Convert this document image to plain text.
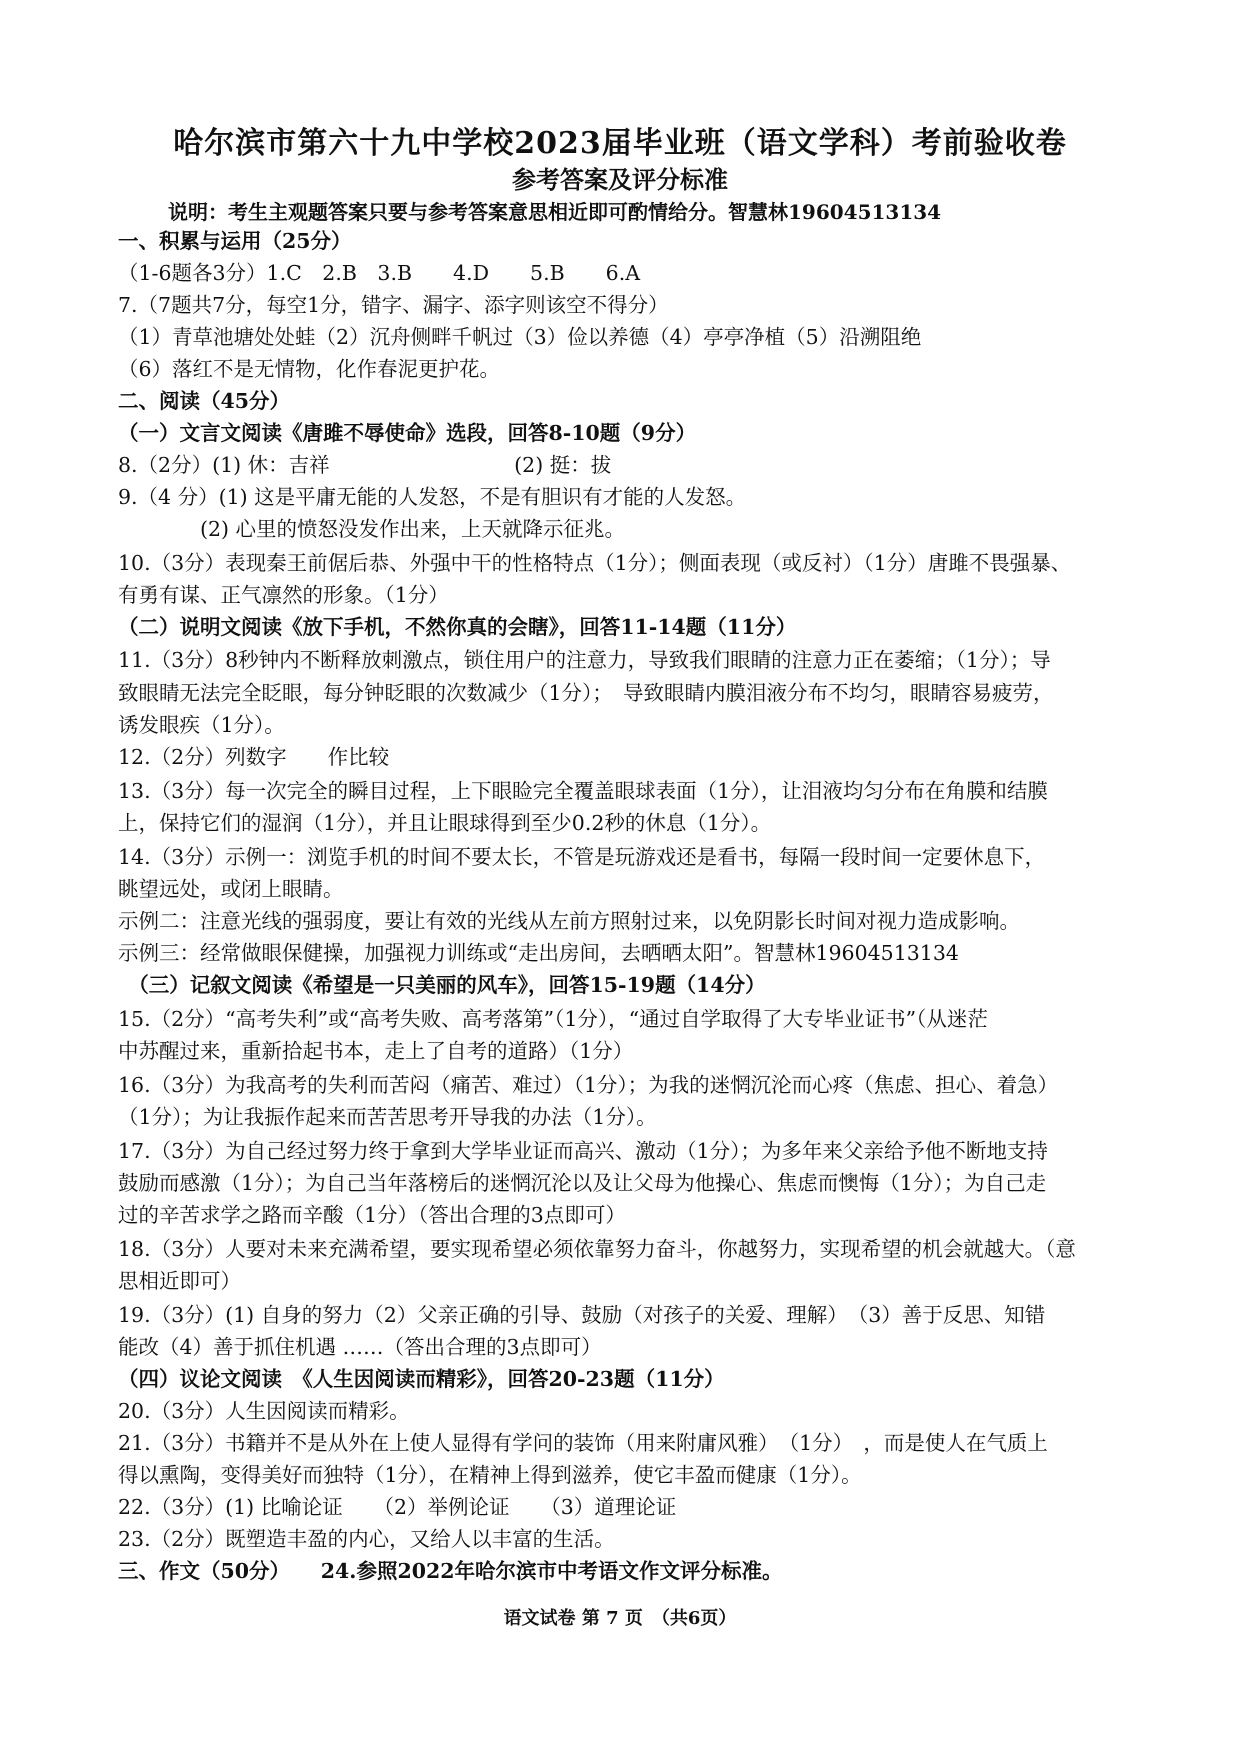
哈尔滨市第六十九中学校2023届毕业班（语文学科）考前验收卷
参考答案及评分标准
说明：考生主观题答案只要与参考答案意思相近即可酌情给分。智慧林19604513134
一、积累与运用（25分）
（1-6题各3分）1.C　2.B　3.B　　4.D　　5.B　　6.A
7.（7题共7分，每空1分，错字、漏字、添字则该空不得分）
（1）青草池塘处处蛙（2）沉舟侧畔千帆过（3）俭以养德（4）亭亭净植（5）沿溯阻绝
（6）落红不是无情物，化作春泥更护花。
二、阅读（45分）
（一）文言文阅读《唐雎不辱使命》选段，回答8-10题（9分）
8.（2分）(1) 休：吉祥　　　　　　　　　(2) 挺：拔
9.（4 分）(1) 这是平庸无能的人发怒，不是有胆识有才能的人发怒。
　　　　(2) 心里的愤怒没发作出来，上天就降示征兆。
10.（3分）表现秦王前倨后恭、外强中干的性格特点（1分）；侧面表现（或反衬）（1分）唐雎不畏强暴、
有勇有谋、正气凛然的形象。（1分）
（二）说明文阅读《放下手机，不然你真的会瞎》，回答11-14题（11分）
11.（3分）8秒钟内不断释放刺激点，锁住用户的注意力，导致我们眼睛的注意力正在萎缩；（1分）；导
致眼睛无法完全眨眼，每分钟眨眼的次数减少（1分）；　导致眼睛内膜泪液分布不均匀，眼睛容易疲劳，
诱发眼疾（1分）。
12.（2分）列数字　　作比较
13.（3分）每一次完全的瞬目过程，上下眼睑完全覆盖眼球表面（1分），让泪液均匀分布在角膜和结膜
上，保持它们的湿润（1分），并且让眼球得到至少0.2秒的休息（1分）。
14.（3分）示例一：浏览手机的时间不要太长，不管是玩游戏还是看书，每隔一段时间一定要休息下，
眺望远处，或闭上眼睛。
示例二：注意光线的强弱度，要让有效的光线从左前方照射过来，以免阴影长时间对视力造成影响。
示例三：经常做眼保健操，加强视力训练或“走出房间，去晒晒太阳”。智慧林19604513134
　（三）记叙文阅读《希望是一只美丽的风车》，回答15-19题（14分）
15.（2分）“高考失利”或“高考失败、高考落第”（1分），“通过自学取得了大专毕业证书”（从迷茫
中苏醒过来，重新拾起书本，走上了自考的道路）（1分）
16.（3分）为我高考的失利而苦闷（痛苦、难过）（1分）；为我的迷惘沉沦而心疼（焦虑、担心、着急）
（1分）；为让我振作起来而苦苦思考开导我的办法（1分）。
17.（3分）为自己经过努力终于拿到大学毕业证而高兴、激动（1分）；为多年来父亲给予他不断地支持
鼓励而感激（1分）；为自己当年落榜后的迷惘沉沦以及让父母为他操心、焦虑而懊悔（1分）；为自己走
过的辛苦求学之路而辛酸（1分）（答出合理的3点即可）
18.（3分）人要对未来充满希望，要实现希望必须依靠努力奋斗，你越努力，实现希望的机会就越大。（意
思相近即可）
19.（3分）(1) 自身的努力（2）父亲正确的引导、鼓励（对孩子的关爱、理解）　（3）善于反思、知错
能改（4）善于抓住机遇 ……（答出合理的3点即可）
（四）议论文阅读　《人生因阅读而精彩》，回答20-23题（11分）
20.（3分）人生因阅读而精彩。
21.（3分）书籍并不是从外在上使人显得有学问的装饰（用来附庸风雅）　（1分）　，而是使人在气质上
得以熏陶，变得美好而独特（1分），在精神上得到滋养，使它丰盈而健康（1分）。
22.（3分）(1) 比喻论证　　（2）举例论证　　（3）道理论证
23.（2分）既塑造丰盈的内心，又给人以丰富的生活。
三、作文（50分）　　24.参照2022年哈尔滨市中考语文作文评分标准。
语文试卷 第 7 页　（共6页）
